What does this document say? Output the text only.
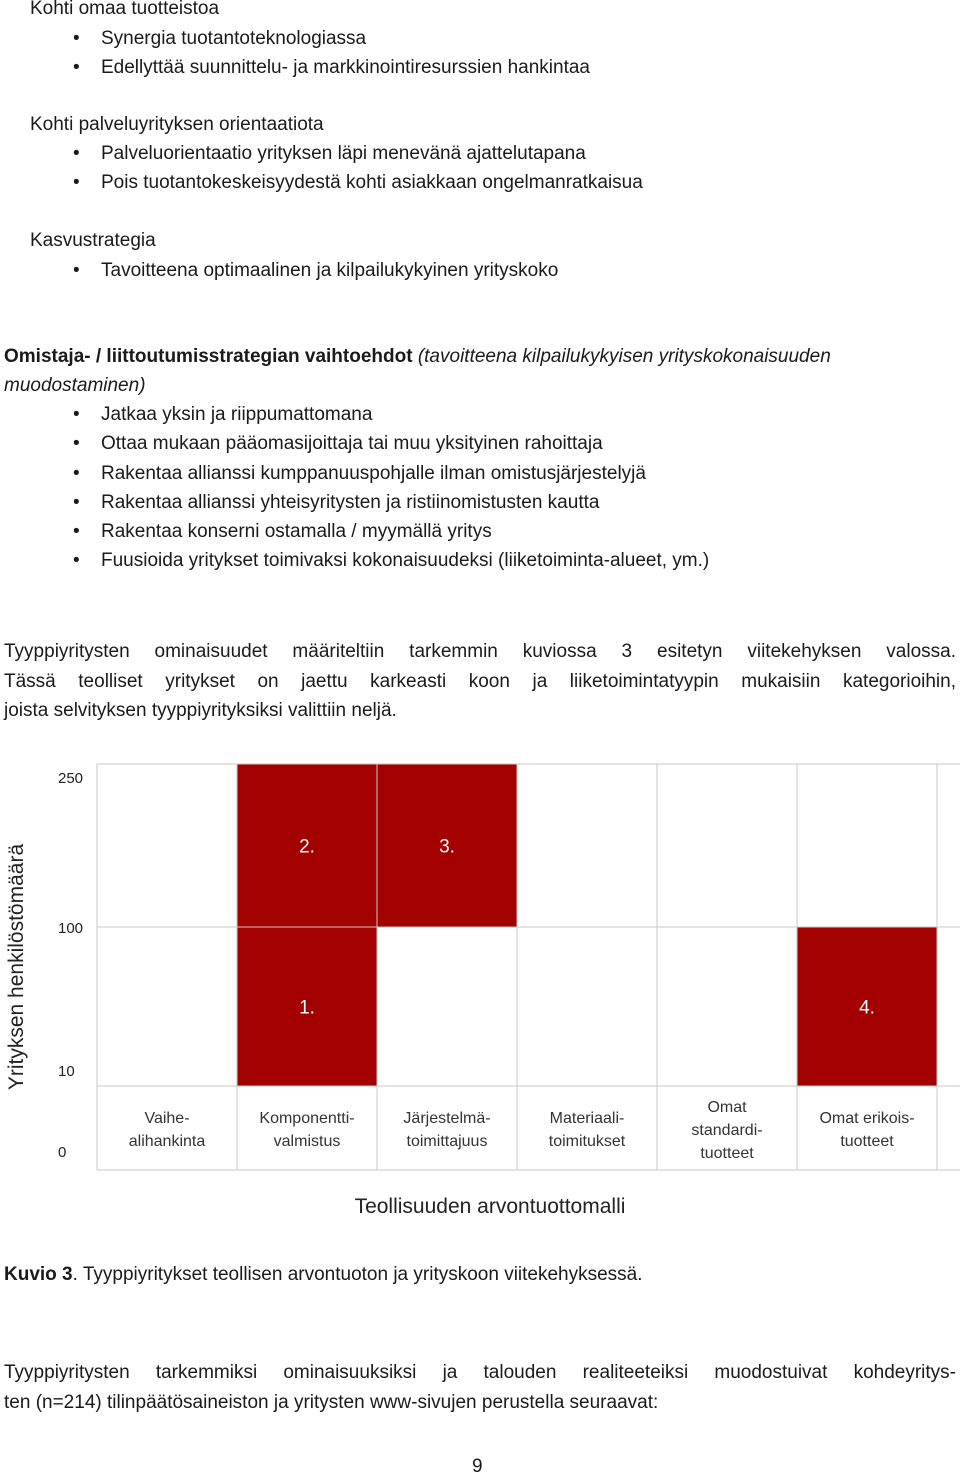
Kohti omaa tuotteistoa
• Synergia tuotantoteknologiassa
• Edellyttää suunnittelu- ja markkinointiresurssien hankintaa
Kohti palveluyrityksen orientaatiota
• Palveluorientaatio yrityksen läpi menevänä ajattelutapana
• Pois tuotantokeskeisyydestä kohti asiakkaan ongelmanratkaisua
Kasvustrategia
• Tavoitteena optimaalinen ja kilpailukykyinen yrityskoko
Omistaja- / liittoutumisstrategian vaihtoehdot (tavoitteena kilpailukykyisen yrityskokonaisuuden
muodostaminen)
• Jatkaa yksin ja riippumattomana
• Ottaa mukaan pääomasijoittaja tai muu yksityinen rahoittaja
• Rakentaa allianssi kumppanuuspohjalle ilman omistusjärjestelyjä
• Rakentaa allianssi yhteisyritysten ja ristiinomistusten kautta
• Rakentaa konserni ostamalla / myymällä yritys
• Fuusioida yritykset toimivaksi kokonaisuudeksi (liiketoiminta-alueet, ym.)
Tyyppiyritysten ominaisuudet määriteltiin tarkemmin kuviossa 3 esitetyn viitekehyksen valossa.
Tässä teolliset yritykset on jaettu karkeasti koon ja liiketoimintatyypin mukaisiin kategorioihin,
joista selvityksen tyyppiyrityksiksi valittiin neljä.
2.	3.
1.	4.
250
100
10
0
Vaihe-
alihankinta
Komponentti-
valmistus
Järjestelmä-
toimittajuus
Materiaali-
toimitukset
Omat
standardi-
tuotteet
Omat erikois-
tuotteet
Yrityksen henkilöstömäärä
Teollisuuden arvontuottomalli
Kuvio 3. Tyyppiyritykset teollisen arvontuoton ja yrityskoon viitekehyksessä.
Tyyppiyritysten tarkemmiksi ominaisuuksiksi ja talouden realiteeteiksi muodostuivat kohdeyritys-
ten (n=214) tilinpäätösaineiston ja yritysten www-sivujen perustella seuraavat:
9
